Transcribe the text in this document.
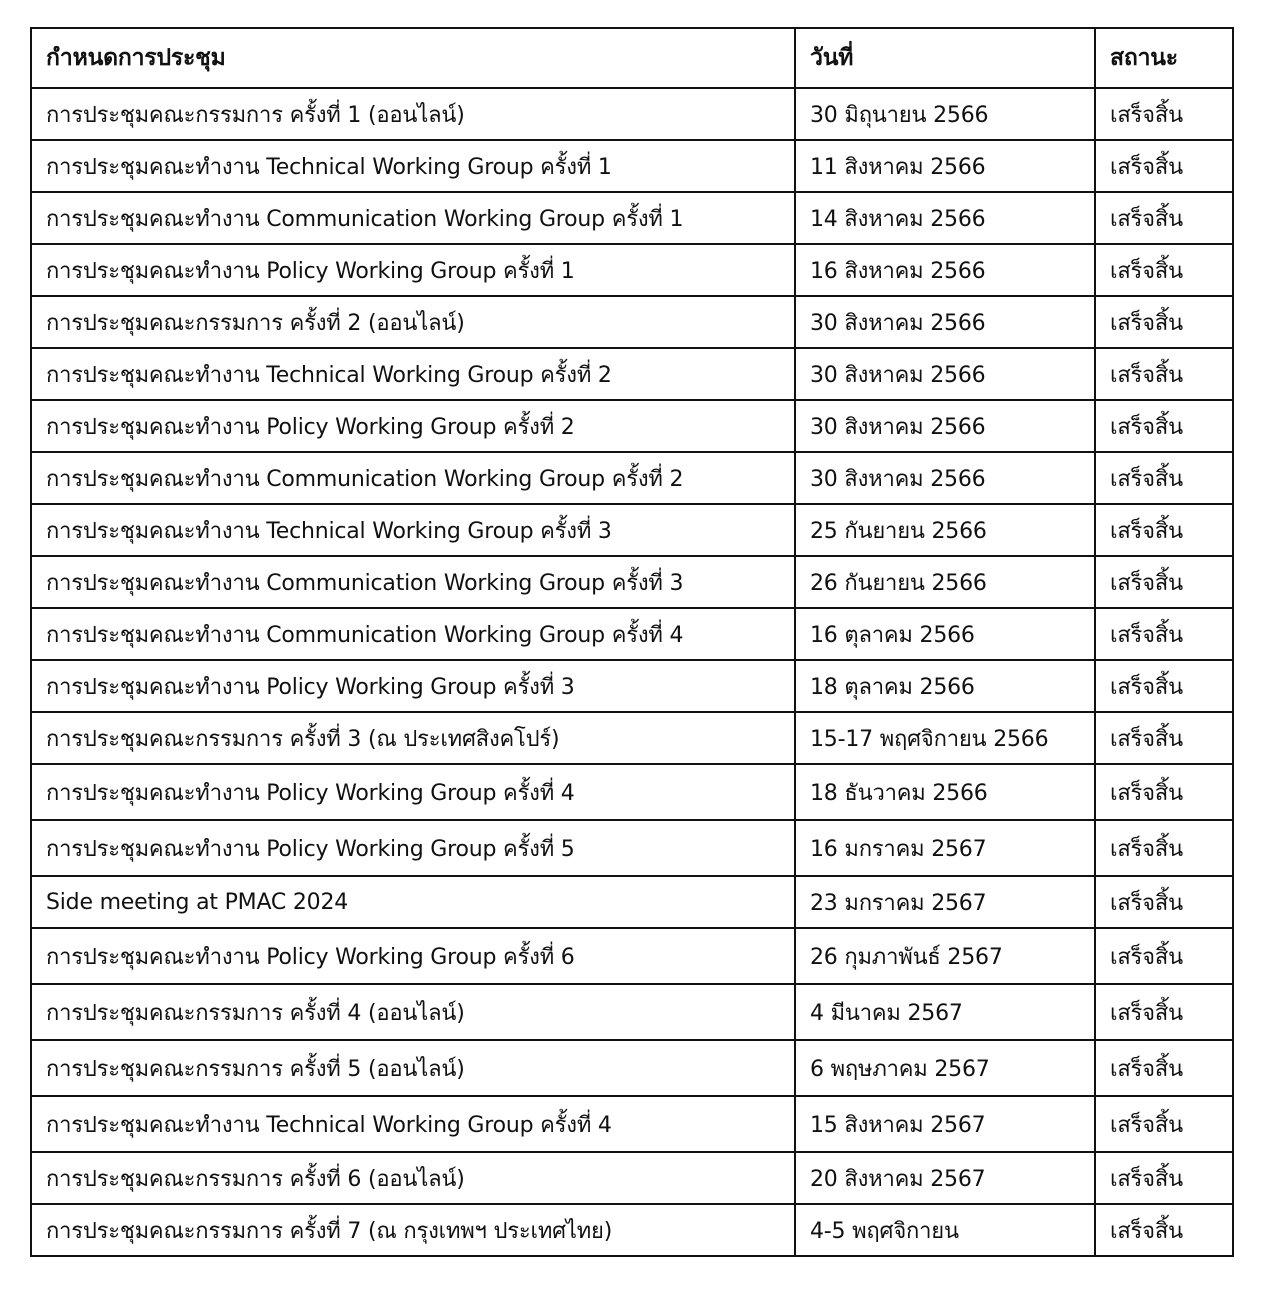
กำหนดการประชุม	วันที่	สถานะ
การประชุมคณะกรรมการ ครั้งที่ 1 (ออนไลน์)	30 มิถุนายน 2566	เสร็จสิ้น
การประชุมคณะทำงาน Technical Working Group ครั้งที่ 1	11 สิงหาคม 2566	เสร็จสิ้น
การประชุมคณะทำงาน Communication Working Group ครั้งที่ 1	14 สิงหาคม 2566	เสร็จสิ้น
การประชุมคณะทำงาน Policy Working Group ครั้งที่ 1	16 สิงหาคม 2566	เสร็จสิ้น
การประชุมคณะกรรมการ ครั้งที่ 2 (ออนไลน์)	30 สิงหาคม 2566	เสร็จสิ้น
การประชุมคณะทำงาน Technical Working Group ครั้งที่ 2	30 สิงหาคม 2566	เสร็จสิ้น
การประชุมคณะทำงาน Policy Working Group ครั้งที่ 2	30 สิงหาคม 2566	เสร็จสิ้น
การประชุมคณะทำงาน Communication Working Group ครั้งที่ 2	30 สิงหาคม 2566	เสร็จสิ้น
การประชุมคณะทำงาน Technical Working Group ครั้งที่ 3	25 กันยายน 2566	เสร็จสิ้น
การประชุมคณะทำงาน Communication Working Group ครั้งที่ 3	26 กันยายน 2566	เสร็จสิ้น
การประชุมคณะทำงาน Communication Working Group ครั้งที่ 4	16 ตุลาคม 2566	เสร็จสิ้น
การประชุมคณะทำงาน Policy Working Group ครั้งที่ 3	18 ตุลาคม 2566	เสร็จสิ้น
การประชุมคณะกรรมการ ครั้งที่ 3 (ณ ประเทศสิงคโปร์)	15-17 พฤศจิกายน 2566	เสร็จสิ้น
การประชุมคณะทำงาน Policy Working Group ครั้งที่ 4	18 ธันวาคม 2566	เสร็จสิ้น
การประชุมคณะทำงาน Policy Working Group ครั้งที่ 5	16 มกราคม 2567	เสร็จสิ้น
Side meeting at PMAC 2024	23 มกราคม 2567	เสร็จสิ้น
การประชุมคณะทำงาน Policy Working Group ครั้งที่ 6	26 กุมภาพันธ์ 2567	เสร็จสิ้น
การประชุมคณะกรรมการ ครั้งที่ 4 (ออนไลน์)	4 มีนาคม 2567	เสร็จสิ้น
การประชุมคณะกรรมการ ครั้งที่ 5 (ออนไลน์)	6 พฤษภาคม 2567	เสร็จสิ้น
การประชุมคณะทำงาน Technical Working Group ครั้งที่ 4	15 สิงหาคม 2567	เสร็จสิ้น
การประชุมคณะกรรมการ ครั้งที่ 6 (ออนไลน์)	20 สิงหาคม 2567	เสร็จสิ้น
การประชุมคณะกรรมการ ครั้งที่ 7 (ณ กรุงเทพฯ ประเทศไทย)	4-5 พฤศจิกายน	เสร็จสิ้น
